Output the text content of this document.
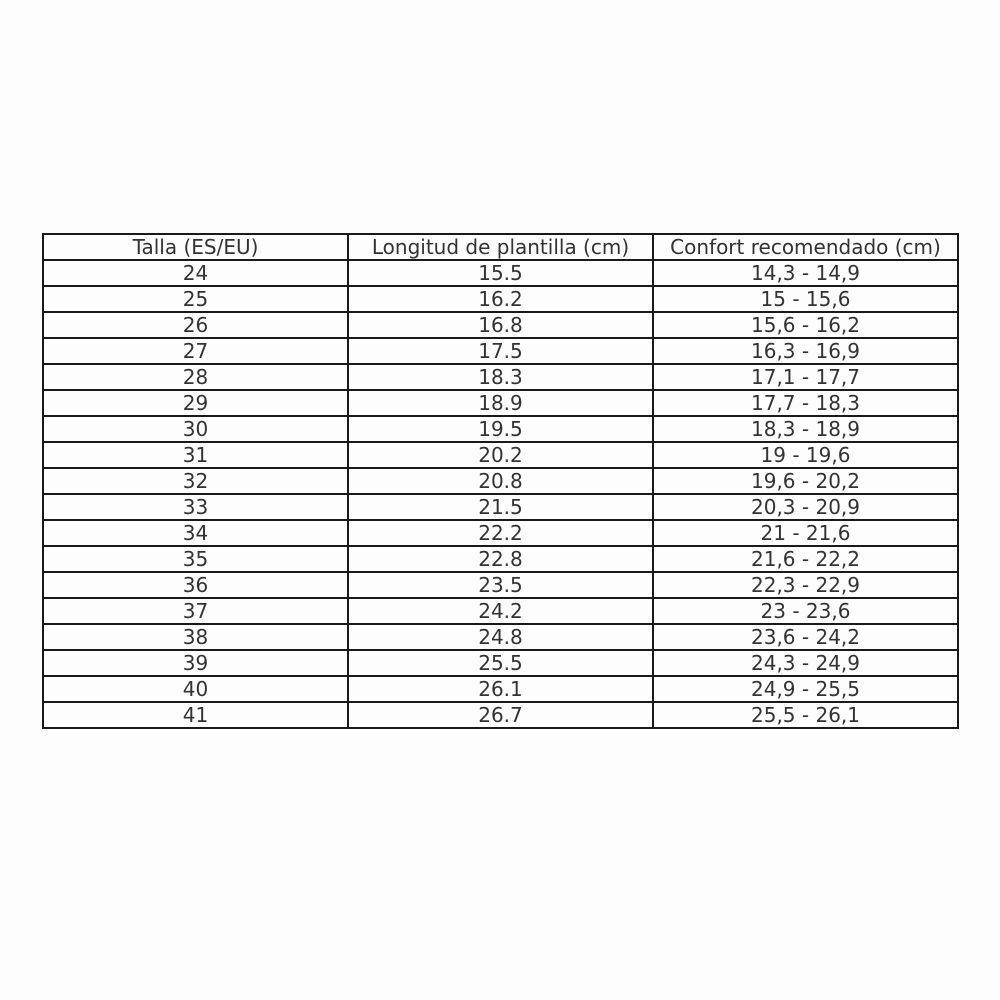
Talla (ES/EU)	Longitud de plantilla (cm)	Confort recomendado (cm)
24	15.5	14,3 - 14,9
25	16.2	15 - 15,6
26	16.8	15,6 - 16,2
27	17.5	16,3 - 16,9
28	18.3	17,1 - 17,7
29	18.9	17,7 - 18,3
30	19.5	18,3 - 18,9
31	20.2	19 - 19,6
32	20.8	19,6 - 20,2
33	21.5	20,3 - 20,9
34	22.2	21 - 21,6
35	22.8	21,6 - 22,2
36	23.5	22,3 - 22,9
37	24.2	23 - 23,6
38	24.8	23,6 - 24,2
39	25.5	24,3 - 24,9
40	26.1	24,9 - 25,5
41	26.7	25,5 - 26,1
